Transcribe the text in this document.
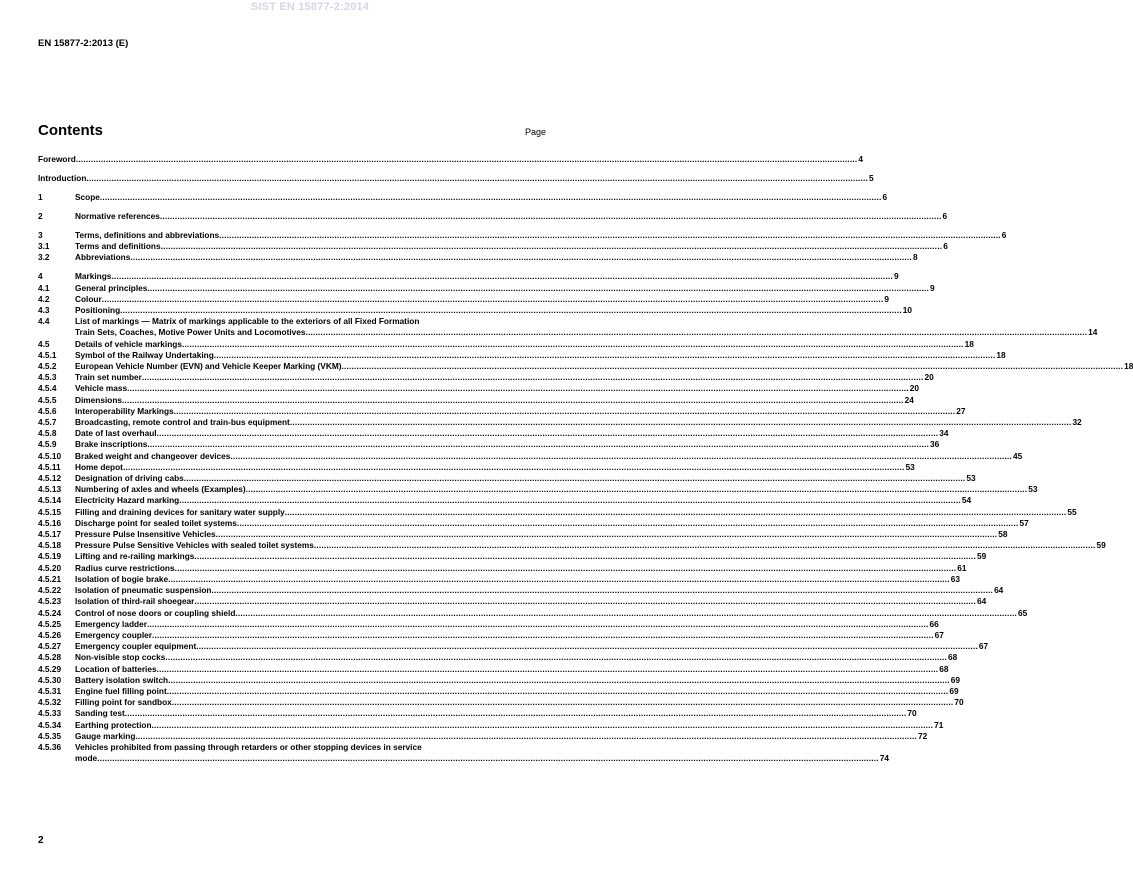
SIST EN 15877-2:2014
EN 15877-2:2013 (E)
Contents	Page
Foreword .....	4
Introduction .....	5
1	Scope .....	6
2	Normative references .....	6
3	Terms, definitions and abbreviations .....	6
3.1	Terms and definitions .....	6
3.2	Abbreviations .....	8
4	Markings .....	9
4.1	General principles .....	9
4.2	Colour .....	9
4.3	Positioning .....	10
4.4	List of markings — Matrix of markings applicable to the exteriors of all Fixed Formation
Train Sets, Coaches, Motive Power Units and Locomotives .....	14
4.5	Details of vehicle markings .....	18
4.5.1	Symbol of the Railway Undertaking .....	18
4.5.2	European Vehicle Number (EVN) and Vehicle Keeper Marking (VKM) .....	18
4.5.3	Train set number .....	20
4.5.4	Vehicle mass .....	20
4.5.5	Dimensions .....	24
4.5.6	Interoperability Markings .....	27
4.5.7	Broadcasting, remote control and train-bus equipment .....	32
4.5.8	Date of last overhaul .....	34
4.5.9	Brake inscriptions .....	36
4.5.10	Braked weight and changeover devices .....	45
4.5.11	Home depot .....	53
4.5.12	Designation of driving cabs .....	53
4.5.13	Numbering of axles and wheels (Examples) .....	53
4.5.14	Electricity Hazard marking .....	54
4.5.15	Filling and draining devices for sanitary water supply .....	55
4.5.16	Discharge point for sealed toilet systems .....	57
4.5.17	Pressure Pulse Insensitive Vehicles .....	58
4.5.18	Pressure Pulse Sensitive Vehicles with sealed toilet systems .....	59
4.5.19	Lifting and re-railing markings .....	59
4.5.20	Radius curve restrictions .....	61
4.5.21	Isolation of bogie brake .....	63
4.5.22	Isolation of pneumatic suspension .....	64
4.5.23	Isolation of third-rail shoegear .....	64
4.5.24	Control of nose doors or coupling shield .....	65
4.5.25	Emergency ladder .....	66
4.5.26	Emergency coupler .....	67
4.5.27	Emergency coupler equipment .....	67
4.5.28	Non-visible stop cocks .....	68
4.5.29	Location of batteries .....	68
4.5.30	Battery isolation switch .....	69
4.5.31	Engine fuel filling point .....	69
4.5.32	Filling point for sandbox .....	70
4.5.33	Sanding test .....	70
4.5.34	Earthing protection .....	71
4.5.35	Gauge marking .....	72
4.5.36 Vehicles prohibited from passing through retarders or other stopping devices in service
mode .....	74
2
